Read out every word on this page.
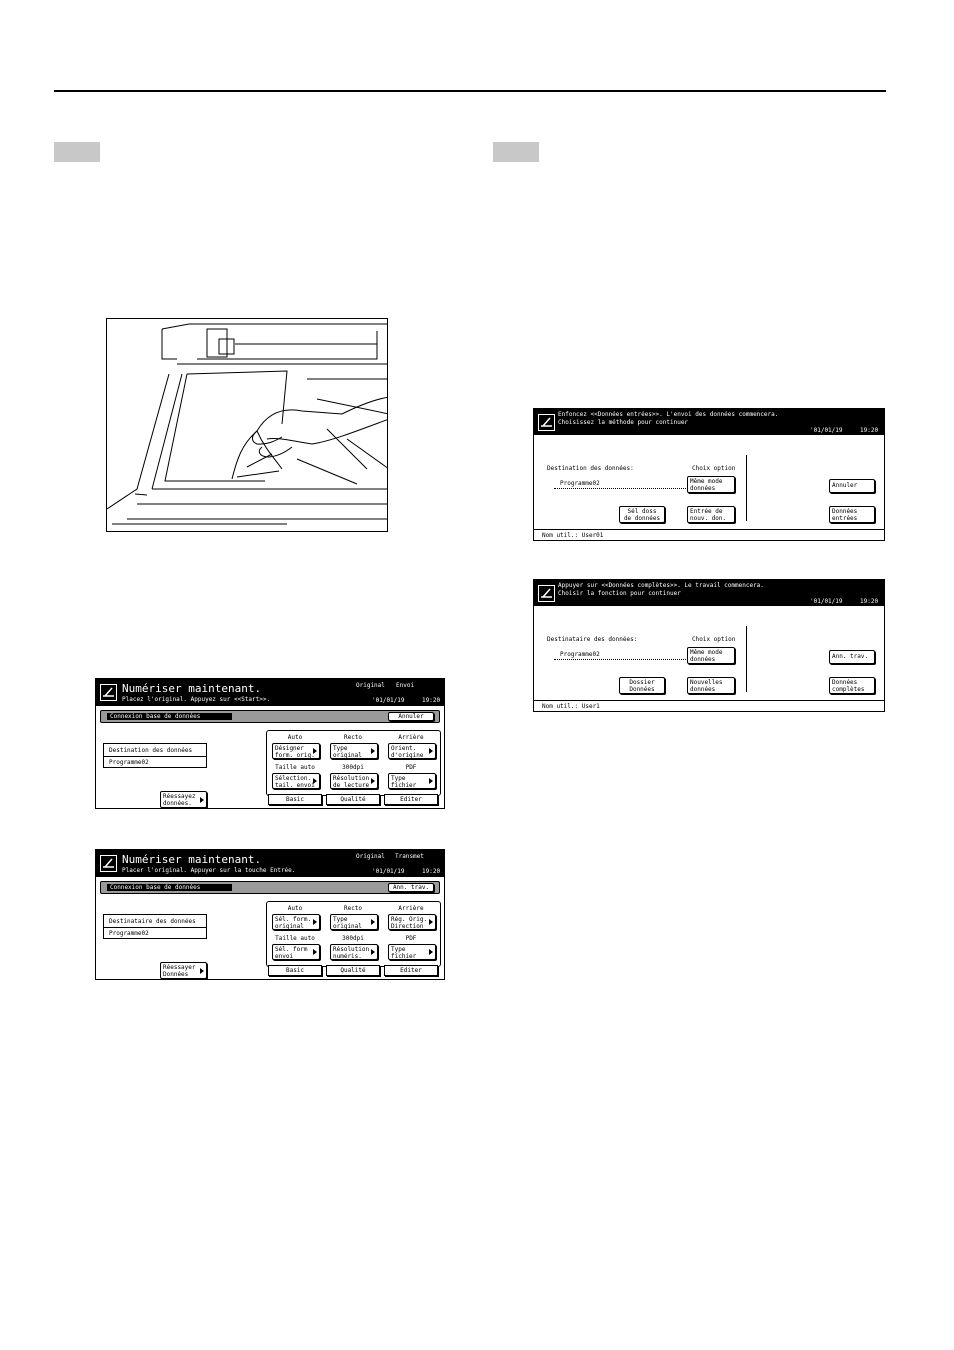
Numériser maintenant.
Placez l'original. Appuyez sur <<Start>>.
Original Envoi
'01/01/19	19:20
Connexion base de données	Annuler
Destination des données
Programme02
Réessayez
données.
Auto	Recto	Arrière
Désigner
form. orig.
Type
original
Orient.
d'origine
Taille auto	300dpi	PDF
Sélection.
tail. envoi
Résolution
de lecture
Type
fichier
Basic	Qualité	Editer
Numériser maintenant.
Placer l'original. Appuyer sur la touche Entrée.
Original Transmet
'01/01/19	19:20
Connexion base de données	Ann. trav.
Destinataire des données
Programme02
Réessayer
Données
Auto	Recto	Arrière
Sél. form.
original
Type
original
Rég. Orig.
Direction
Taille auto	300dpi	PDF
Sél. form
envoi
Résolution
numéris.
Type
fichier
Basic	Qualité	Editer
Enfoncez <<Données entrées>>. L'envoi des données commencera.
Choisissez la méthode pour continuer
'01/01/19	19:20
Destination des données:
Programme02
Choix option
Même mode
données
Sél doss
de données
Entrée de
nouv. don.
Annuler
Données
entrées
Nom util.: User01
Appuyer sur <<Données complètes>>. Le travail commencera.
Choisir la fonction pour continuer
'01/01/19	19:20
Destinataire des données:
Programme02
Choix option
Même mode
données
Dossier
Données
Nouvelles
données
Ann. trav.
Données
complètes
Nom util.: User1
